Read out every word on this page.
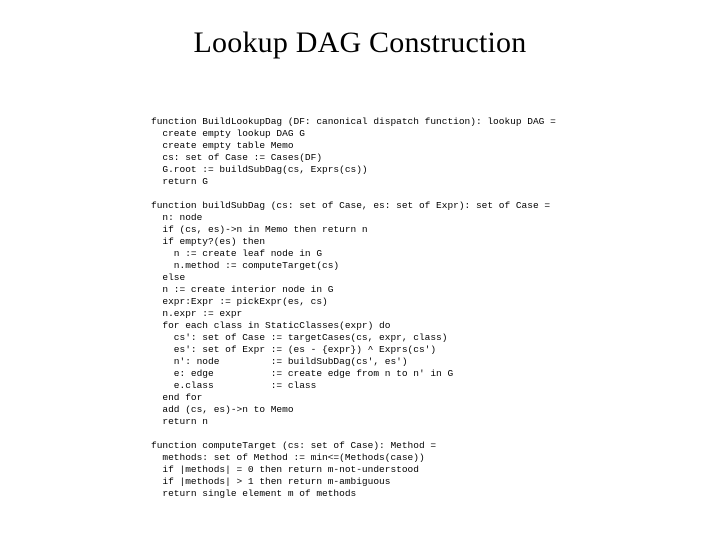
Lookup DAG Construction
function BuildLookupDag (DF: canonical dispatch function): lookup DAG =
create empty lookup DAG G
create empty table Memo
cs: set of Case := Cases(DF)
G.root := buildSubDag(cs, Exprs(cs))
return G
function buildSubDag (cs: set of Case, es: set of Expr): set of Case =
n: node
if (cs, es)->n in Memo then return n
if empty?(es) then
n := create leaf node in G
n.method := computeTarget(cs)
else
n := create interior node in G
expr:Expr := pickExpr(es, cs)
n.expr := expr
for each class in StaticClasses(expr) do
cs': set of Case := targetCases(cs, expr, class)
es': set of Expr := (es - {expr}) ^ Exprs(cs')
n': node         := buildSubDag(cs', es')
e: edge          := create edge from n to n' in G
e.class          := class
end for
add (cs, es)->n to Memo
return n
function computeTarget (cs: set of Case): Method =
methods: set of Method := min<=(Methods(case))
if |methods| = 0 then return m-not-understood
if |methods| > 1 then return m-ambiguous
return single element m of methods
